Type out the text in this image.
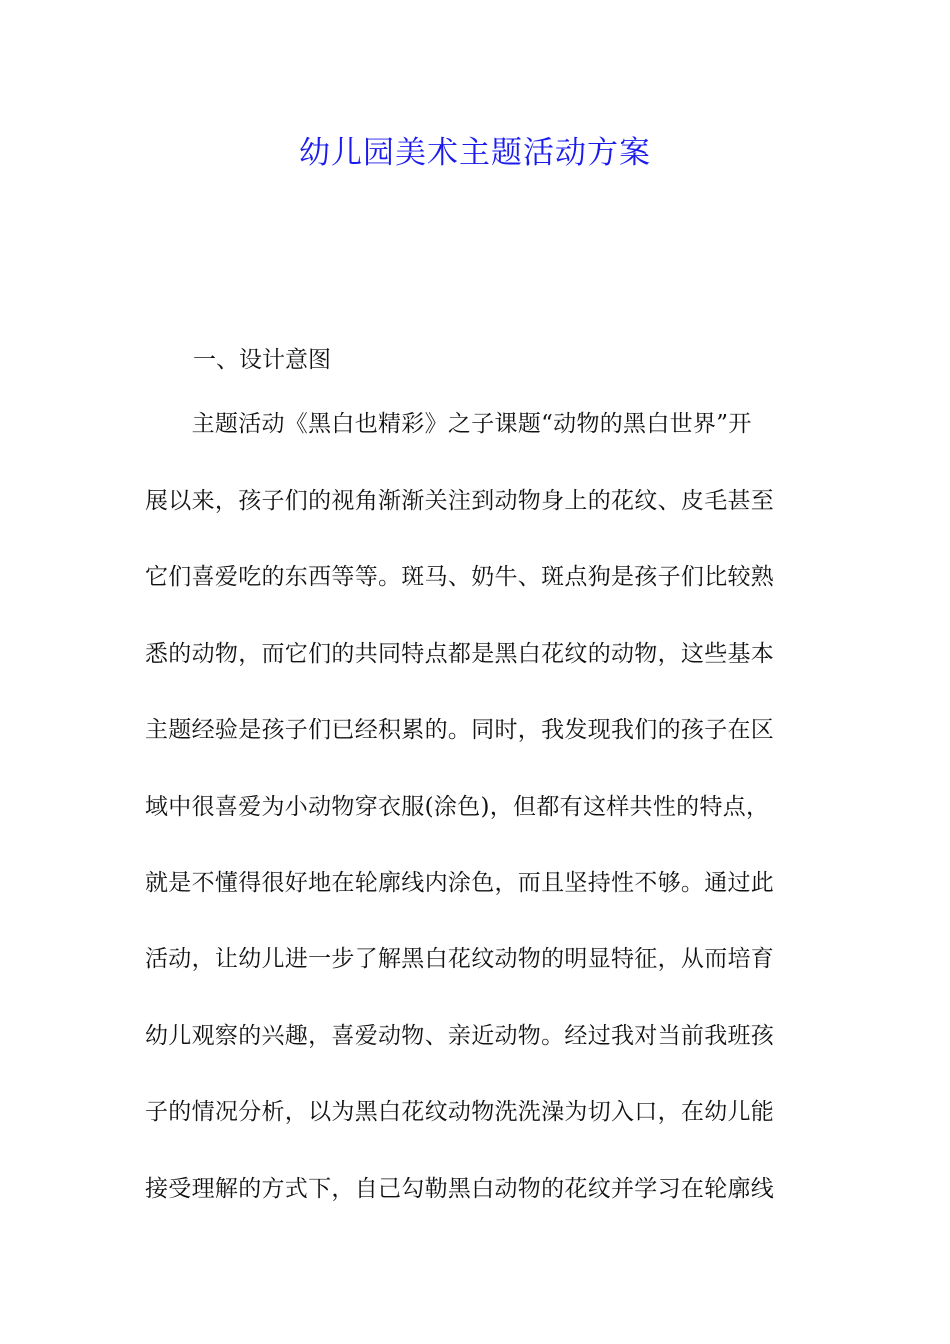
幼儿园美术主题活动方案
一、设计意图
　　主题活动《黑白也精彩》之子课题“动物的黑白世界”开
展以来，孩子们的视角渐渐关注到动物身上的花纹、皮毛甚至
它们喜爱吃的东西等等。斑马、奶牛、斑点狗是孩子们比较熟
悉的动物，而它们的共同特点都是黑白花纹的动物，这些基本
主题经验是孩子们已经积累的。同时，我发现我们的孩子在区
域中很喜爱为小动物穿衣服(涂色)，但都有这样共性的特点，
就是不懂得很好地在轮廓线内涂色，而且坚持性不够。通过此
活动，让幼儿进一步了解黑白花纹动物的明显特征，从而培育
幼儿观察的兴趣，喜爱动物、亲近动物。经过我对当前我班孩
子的情况分析，以为黑白花纹动物洗洗澡为切入口，在幼儿能
接受理解的方式下，自己勾勒黑白动物的花纹并学习在轮廓线
